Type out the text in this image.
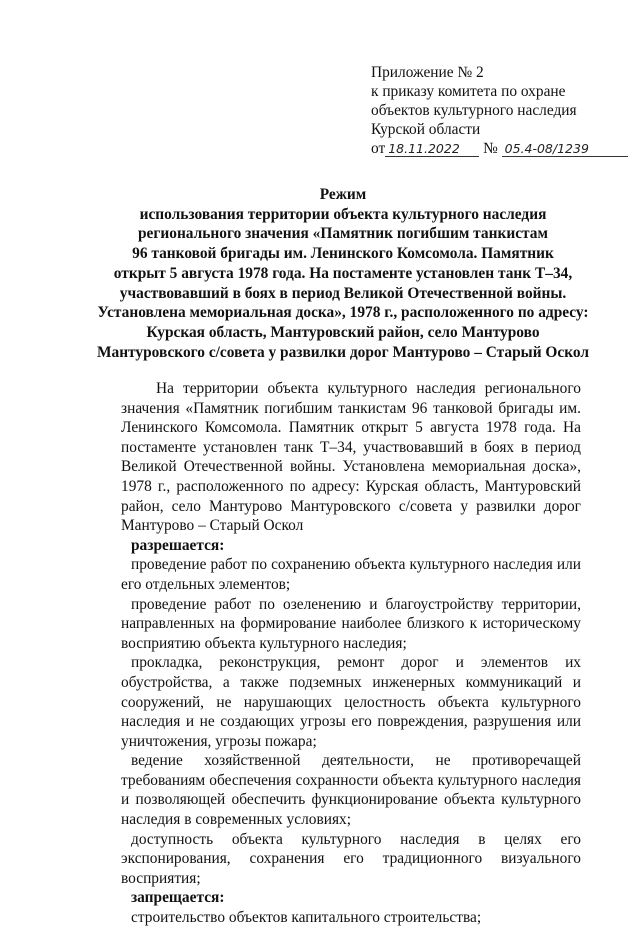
Приложение № 2
к приказу комитета по охране
объектов культурного наследия
Курской области
от 18.11.2022 № 05.4-08/1239
Режим
использования территории объекта культурного наследия
регионального значения «Памятник погибшим танкистам
96 танковой бригады им. Ленинского Комсомола. Памятник
открыт 5 августа 1978 года. На постаменте установлен танк Т–34,
участвовавший в боях в период Великой Отечественной войны.
Установлена мемориальная доска», 1978 г., расположенного по адресу:
Курская область, Мантуровский район, село Мантурово
Мантуровского с/совета у развилки дорог Мантурово – Старый Оскол

На территории объекта культурного наследия регионального значения «Памятник погибшим танкистам 96 танковой бригады им. Ленинского Комсомола. Памятник открыт 5 августа 1978 года. На постаменте установлен танк Т–34, участвовавший в боях в период Великой Отечественной войны. Установлена мемориальная доска», 1978 г., расположенного по адресу: Курская область, Мантуровский район, село Мантурово Мантуровского с/совета у развилки дорог Мантурово – Старый Оскол

разрешается:

проведение работ по сохранению объекта культурного наследия или его отдельных элементов;

проведение работ по озеленению и благоустройству территории, направленных на формирование наиболее близкого к историческому восприятию объекта культурного наследия;

прокладка, реконструкция, ремонт дорог и элементов их обустройства, а также подземных инженерных коммуникаций и сооружений, не нарушающих целостность объекта культурного наследия и не создающих угрозы его повреждения, разрушения или уничтожения, угрозы пожара;

ведение хозяйственной деятельности, не противоречащей требованиям обеспечения сохранности объекта культурного наследия и позволяющей обеспечить функционирование объекта культурного наследия в современных условиях;

доступность объекта культурного наследия в целях его экспонирования, сохранения его традиционного визуального восприятия;

запрещается:

строительство объектов капитального строительства;
